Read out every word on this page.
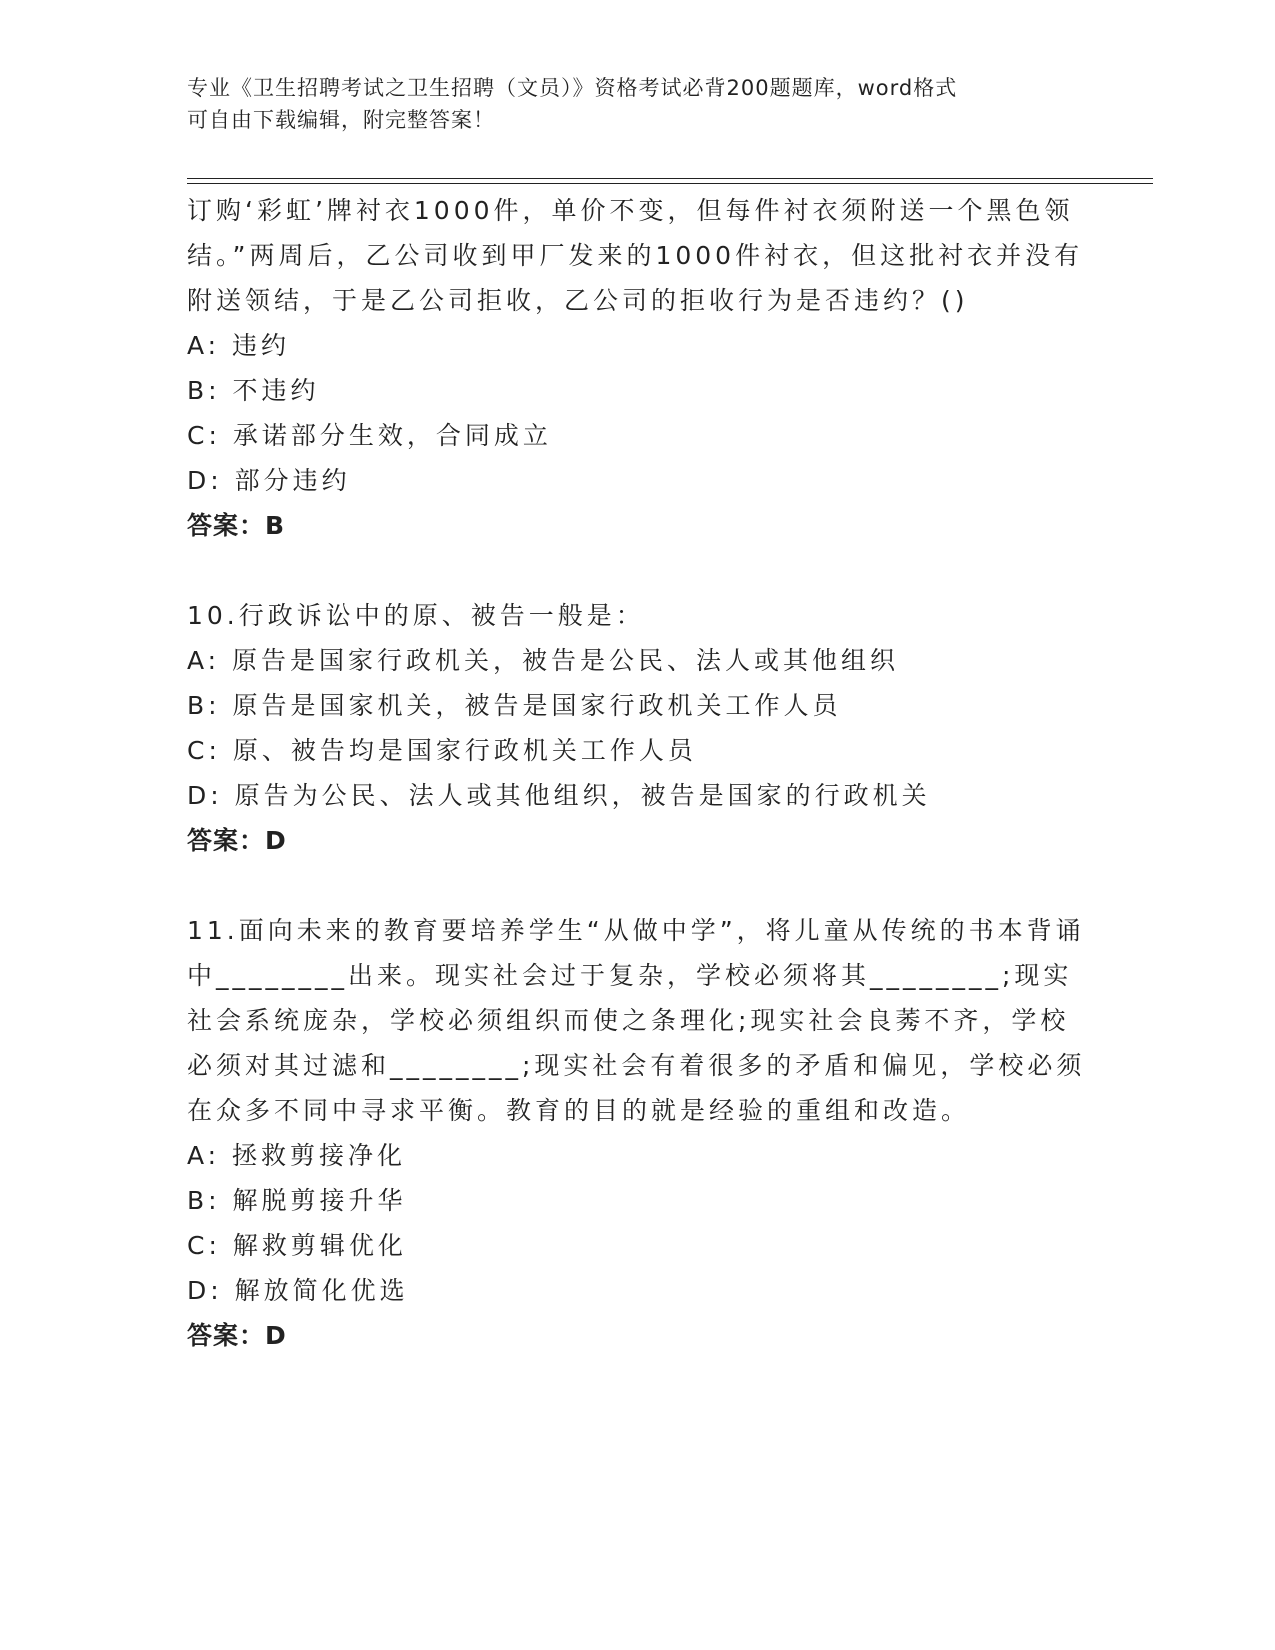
专业《卫生招聘考试之卫生招聘（文员）》资格考试必背200题题库，word格式
可自由下载编辑，附完整答案！
订购‘彩虹’牌衬衣1000件，单价不变，但每件衬衣须附送一个黑色领结。”两周后，乙公司收到甲厂发来的1000件衬衣，但这批衬衣并没有附送领结，于是乙公司拒收，乙公司的拒收行为是否违约？()
A: 违约
B: 不违约
C: 承诺部分生效，合同成立
D: 部分违约
答案：B
10.行政诉讼中的原、被告一般是：
A: 原告是国家行政机关，被告是公民、法人或其他组织
B: 原告是国家机关，被告是国家行政机关工作人员
C: 原、被告均是国家行政机关工作人员
D: 原告为公民、法人或其他组织，被告是国家的行政机关
答案：D
11.面向未来的教育要培养学生“从做中学”，将儿童从传统的书本背诵中________出来。现实社会过于复杂，学校必须将其________;现实社会系统庞杂，学校必须组织而使之条理化;现实社会良莠不齐，学校必须对其过滤和________;现实社会有着很多的矛盾和偏见，学校必须在众多不同中寻求平衡。教育的目的就是经验的重组和改造。
A: 拯救剪接净化
B: 解脱剪接升华
C: 解救剪辑优化
D: 解放简化优选
答案：D
